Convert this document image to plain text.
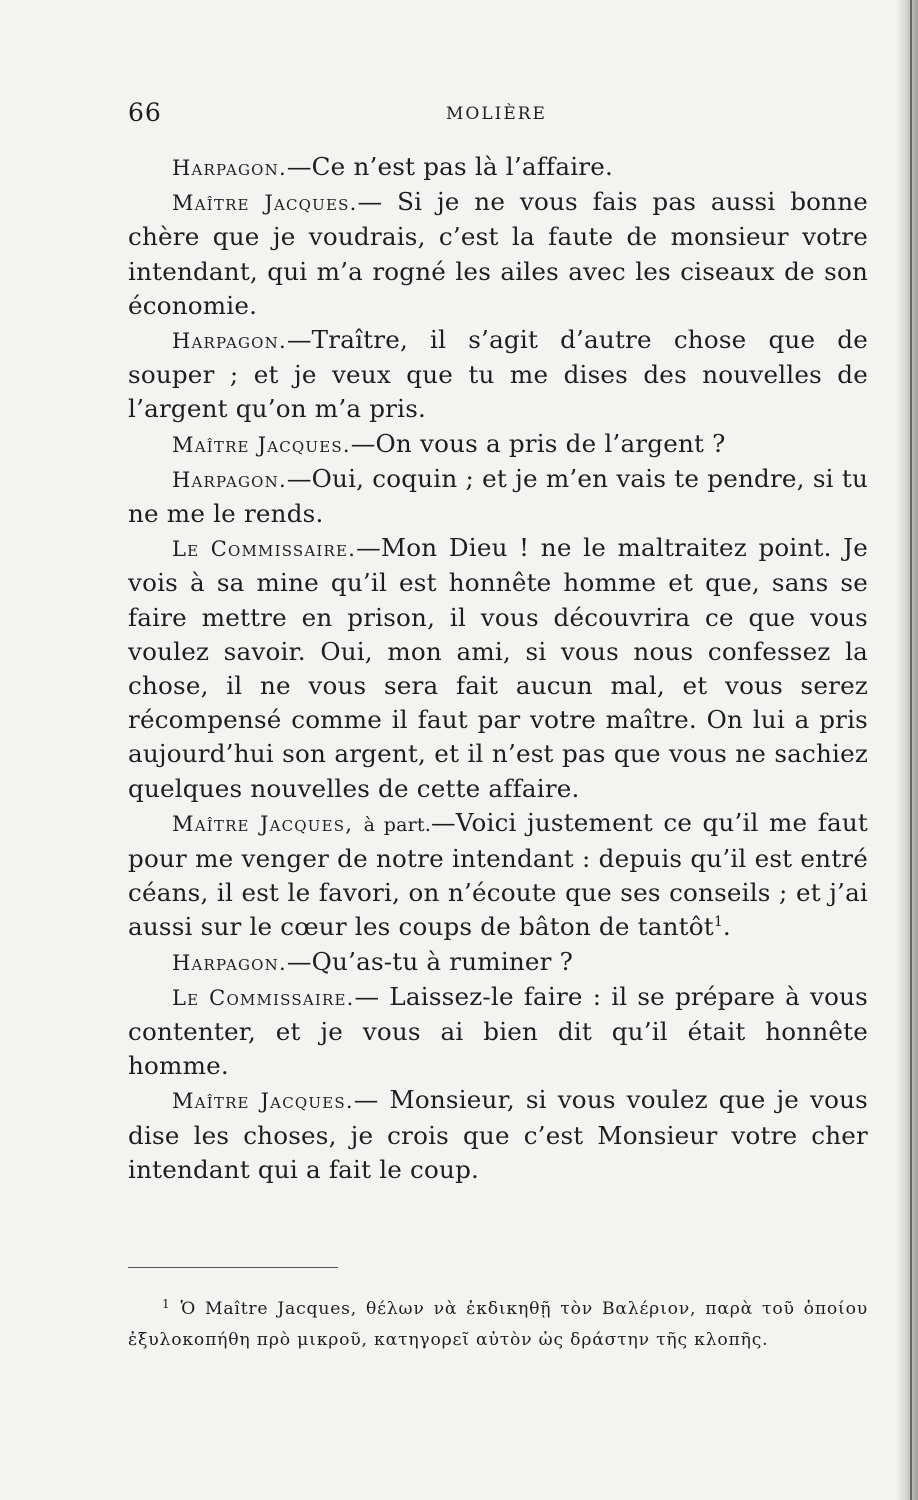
66	MOLIÈRE

Harpagon.—Ce n’est pas là l’affaire.

Maître Jacques.— Si je ne vous fais pas aussi bonne chère que je voudrais, c’est la faute de monsieur votre intendant, qui m’a rogné les ailes avec les ciseaux de son économie.

Harpagon.—Traître, il s’agit d’autre chose que de souper ; et je veux que tu me dises des nouvelles de l’argent qu’on m’a pris.

Maître Jacques.—On vous a pris de l’argent ?

Harpagon.—Oui, coquin ; et je m’en vais te pendre, si tu ne me le rends.

Le Commissaire.—Mon Dieu ! ne le maltraitez point. Je vois à sa mine qu’il est honnête homme et que, sans se faire mettre en prison, il vous découvrira ce que vous voulez savoir. Oui, mon ami, si vous nous confessez la chose, il ne vous sera fait aucun mal, et vous serez récompensé comme il faut par votre maître. On lui a pris aujourd’hui son argent, et il n’est pas que vous ne sachiez quelques nouvelles de cette affaire.

Maître Jacques, à part.—Voici justement ce qu’il me faut pour me venger de notre intendant : depuis qu’il est entré céans, il est le favori, on n’écoute que ses conseils ; et j’ai aussi sur le cœur les coups de bâton de tantôt$^1$.

Harpagon.—Qu’as-tu à ruminer ?

Le Commissaire.— Laissez-le faire : il se prépare à vous contenter, et je vous ai bien dit qu’il était honnête homme.

Maître Jacques.— Monsieur, si vous voulez que je vous dise les choses, je crois que c’est Monsieur votre cher intendant qui a fait le coup.

$^1$ Ὁ Maître Jacques, θέλων νὰ ἐκδικηθῇ τὸν Βαλέριον, παρὰ τοῦ ὁποίου ἐξυλοκοπήθη πρὸ μικροῦ, κατηγορεῖ αὐτὸν ὡς δράστην τῆς κλοπῆς.
